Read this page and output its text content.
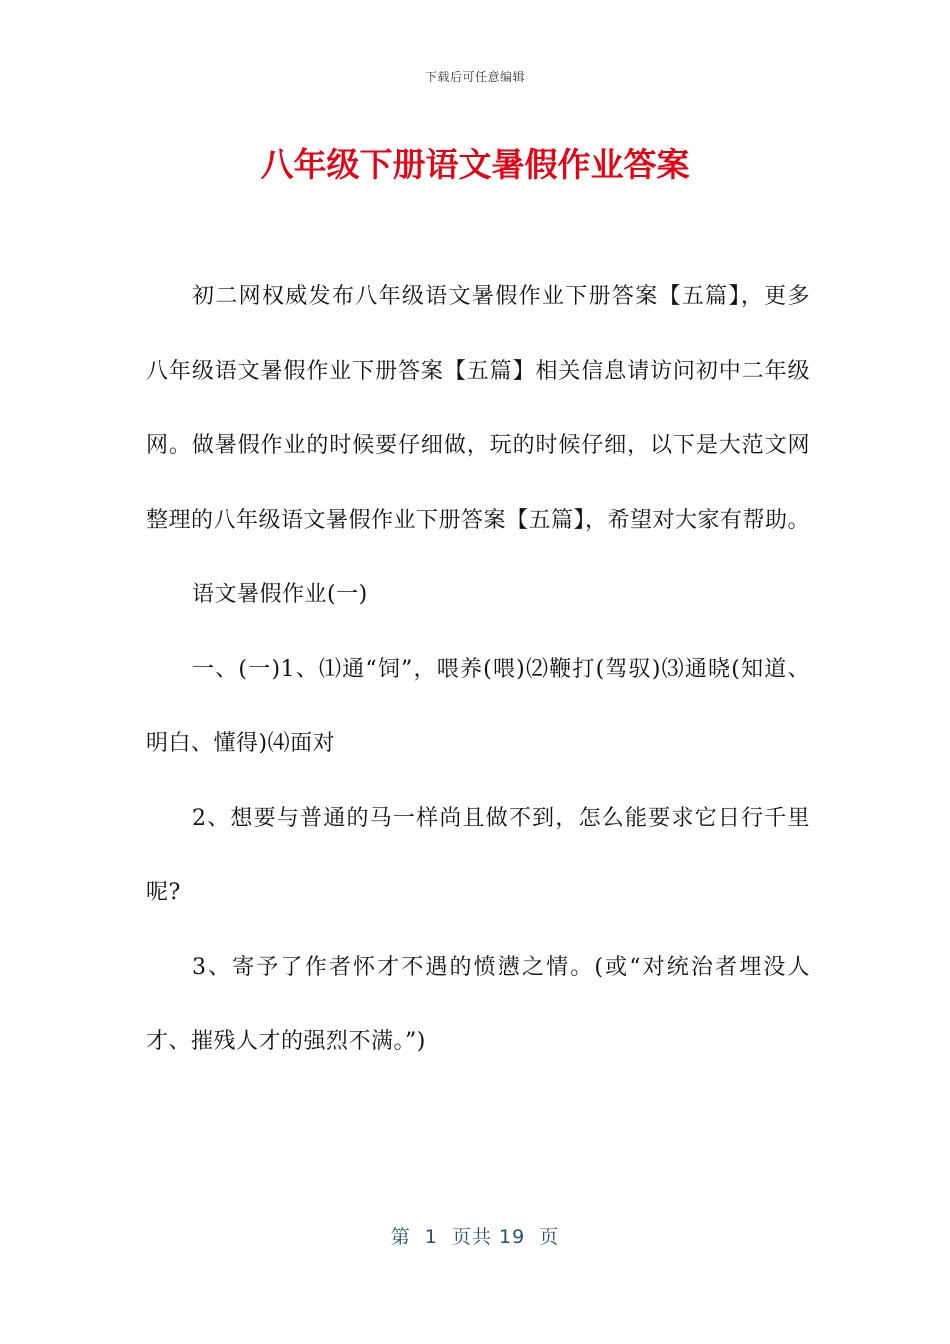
下载后可任意编辑
八年级下册语文暑假作业答案

初二网权威发布八年级语文暑假作业下册答案【五篇】，更多八年级语文暑假作业下册答案【五篇】相关信息请访问初中二年级网。做暑假作业的时候要仔细做，玩的时候仔细，以下是大范文网整理的八年级语文暑假作业下册答案【五篇】，希望对大家有帮助。

语文暑假作业(一)

一、(一)1、⑴通“饲”，喂养(喂)⑵鞭打(驾驭)⑶通晓(知道、明白、懂得)⑷面对

2、想要与普通的马一样尚且做不到，怎么能要求它日行千里呢?

3、寄予了作者怀才不遇的愤懑之情。(或“对统治者埋没人才、摧残人才的强烈不满。”)

第  1  页共 19  页
